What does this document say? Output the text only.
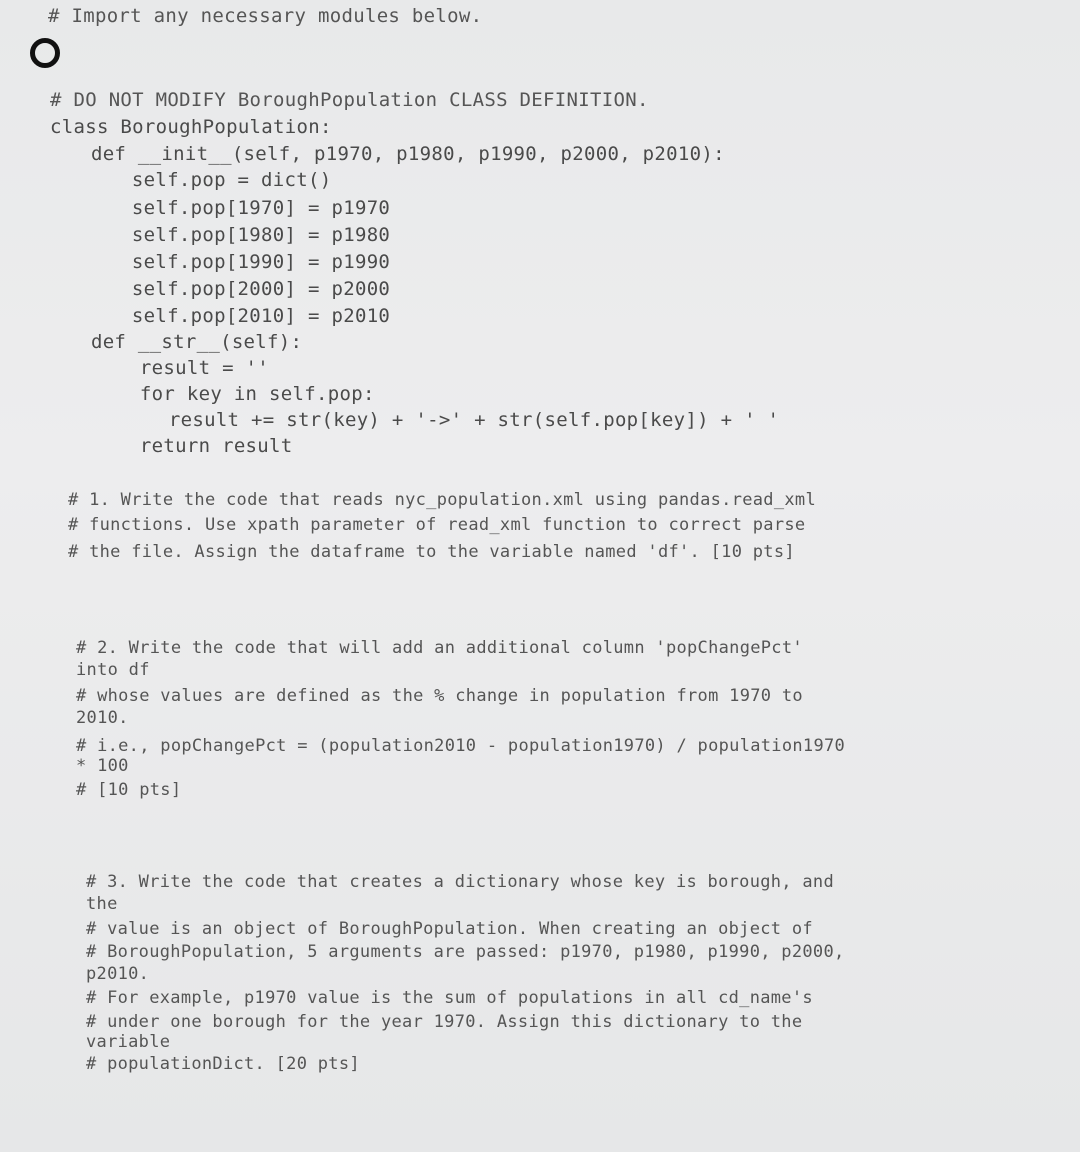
# Import any necessary modules below.
# DO NOT MODIFY BoroughPopulation CLASS DEFINITION.
class BoroughPopulation:
def __init__(self, p1970, p1980, p1990, p2000, p2010):
self.pop = dict()
self.pop[1970] = p1970
self.pop[1980] = p1980
self.pop[1990] = p1990
self.pop[2000] = p2000
self.pop[2010] = p2010
def __str__(self):
result = ''
for key in self.pop:
result += str(key) + '->' + str(self.pop[key]) + ' '
return result
# 1. Write the code that reads nyc_population.xml using pandas.read_xml
# functions. Use xpath parameter of read_xml function to correct parse
# the file. Assign the dataframe to the variable named 'df'. [10 pts]
# 2. Write the code that will add an additional column 'popChangePct'
into df
# whose values are defined as the % change in population from 1970 to
2010.
# i.e., popChangePct = (population2010 - population1970) / population1970
* 100
# [10 pts]
# 3. Write the code that creates a dictionary whose key is borough, and
the
# value is an object of BoroughPopulation. When creating an object of
# BoroughPopulation, 5 arguments are passed: p1970, p1980, p1990, p2000,
p2010.
# For example, p1970 value is the sum of populations in all cd_name's
# under one borough for the year 1970. Assign this dictionary to the
variable
# populationDict. [20 pts]
